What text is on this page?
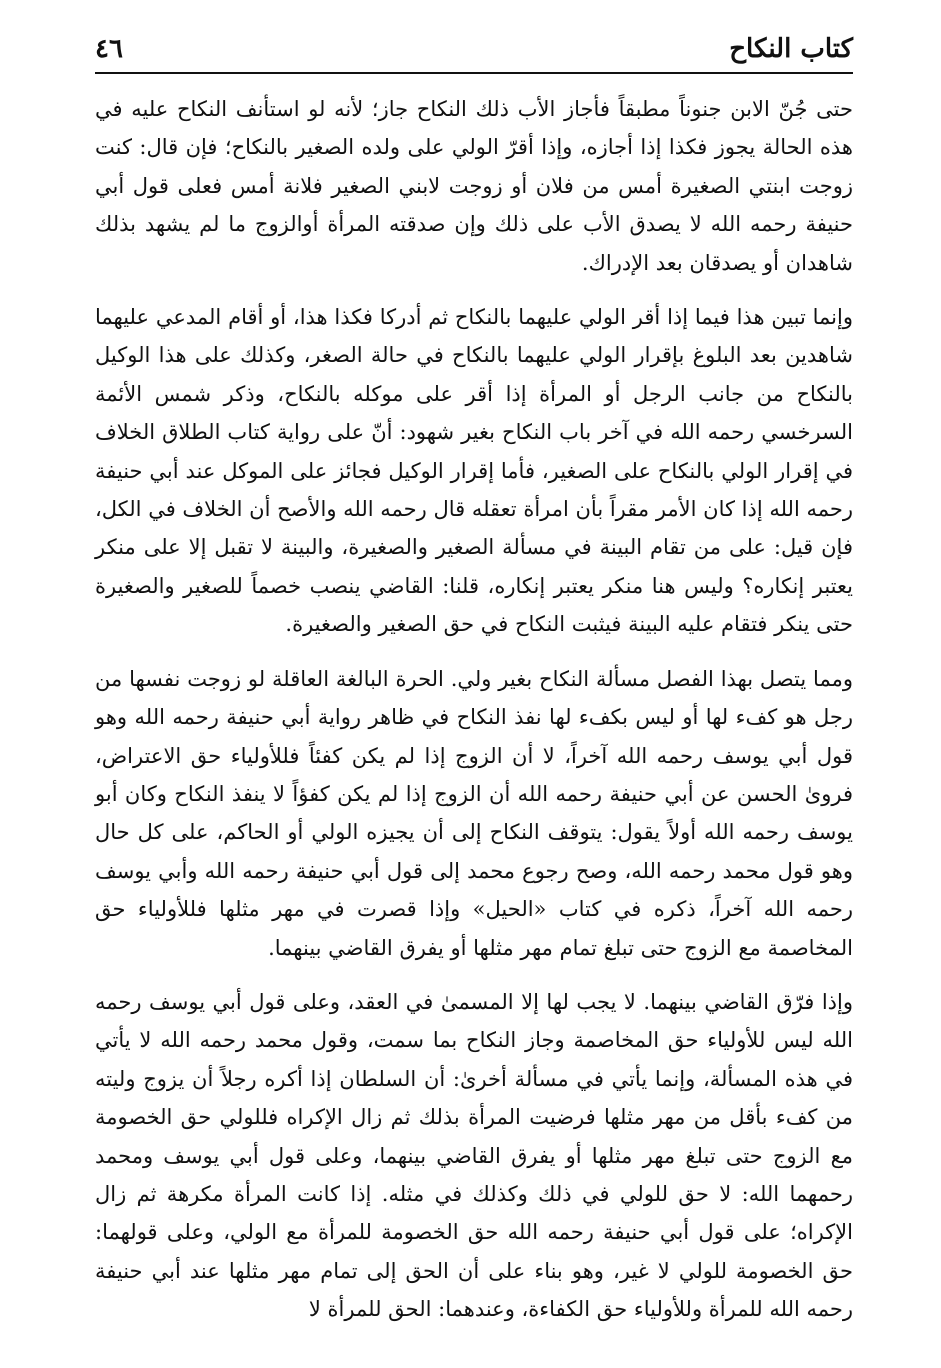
كتاب النكاح
٤٦

حتى جُنّ الابن جنوناً مطبقاً فأجاز الأب ذلك النكاح جاز؛ لأنه لو استأنف النكاح عليه في هذه الحالة يجوز فكذا إذا أجازه، وإذا أقرّ الولي على ولده الصغير بالنكاح؛ فإن قال: كنت زوجت ابنتي الصغيرة أمس من فلان أو زوجت لابني الصغير فلانة أمس فعلى قول أبي حنيفة رحمه الله لا يصدق الأب على ذلك وإن صدقته المرأة أوالزوج ما لم يشهد بذلك شاهدان أو يصدقان بعد الإدراك.

وإنما تبين هذا فيما إذا أقر الولي عليهما بالنكاح ثم أدركا فكذا هذا، أو أقام المدعي عليهما شاهدين بعد البلوغ بإقرار الولي عليهما بالنكاح في حالة الصغر، وكذلك على هذا الوكيل بالنكاح من جانب الرجل أو المرأة إذا أقر على موكله بالنكاح، وذكر شمس الأئمة السرخسي رحمه الله في آخر باب النكاح بغير شهود: أنّ على رواية كتاب الطلاق الخلاف في إقرار الولي بالنكاح على الصغير، فأما إقرار الوكيل فجائز على الموكل عند أبي حنيفة رحمه الله إذا كان الأمر مقراً بأن امرأة تعقله قال رحمه الله والأصح أن الخلاف في الكل، فإن قيل: على من تقام البينة في مسألة الصغير والصغيرة، والبينة لا تقبل إلا على منكر يعتبر إنكاره؟ وليس هنا منكر يعتبر إنكاره، قلنا: القاضي ينصب خصماً للصغير والصغيرة حتى ينكر فتقام عليه البينة فيثبت النكاح في حق الصغير والصغيرة.

ومما يتصل بهذا الفصل مسألة النكاح بغير ولي. الحرة البالغة العاقلة لو زوجت نفسها من رجل هو كفء لها أو ليس بكفء لها نفذ النكاح في ظاهر رواية أبي حنيفة رحمه الله وهو قول أبي يوسف رحمه الله آخراً، لا أن الزوج إذا لم يكن كفئاً فللأولياء حق الاعتراض، فروىٰ الحسن عن أبي حنيفة رحمه الله أن الزوج إذا لم يكن كفؤاً لا ينفذ النكاح وكان أبو يوسف رحمه الله أولاً يقول: يتوقف النكاح إلى أن يجيزه الولي أو الحاكم، على كل حال وهو قول محمد رحمه الله، وصح رجوع محمد إلى قول أبي حنيفة رحمه الله وأبي يوسف رحمه الله آخراً، ذكره في كتاب «الحيل» وإذا قصرت في مهر مثلها فللأولياء حق المخاصمة مع الزوج حتى تبلغ تمام مهر مثلها أو يفرق القاضي بينهما.

وإذا فرّق القاضي بينهما. لا يجب لها إلا المسمىٰ في العقد، وعلى قول أبي يوسف رحمه الله ليس للأولياء حق المخاصمة وجاز النكاح بما سمت، وقول محمد رحمه الله لا يأتي في هذه المسألة، وإنما يأتي في مسألة أخرىٰ: أن السلطان إذا أكره رجلاً أن يزوج وليته من كفء بأقل من مهر مثلها فرضيت المرأة بذلك ثم زال الإكراه فللولي حق الخصومة مع الزوج حتى تبلغ مهر مثلها أو يفرق القاضي بينهما، وعلى قول أبي يوسف ومحمد رحمهما الله: لا حق للولي في ذلك وكذلك في مثله. إذا كانت المرأة مكرهة ثم زال الإكراه؛ على قول أبي حنيفة رحمه الله حق الخصومة للمرأة مع الولي، وعلى قولهما: حق الخصومة للولي لا غير، وهو بناء على أن الحق إلى تمام مهر مثلها عند أبي حنيفة رحمه الله للمرأة وللأولياء حق الكفاءة، وعندهما: الحق للمرأة لا
